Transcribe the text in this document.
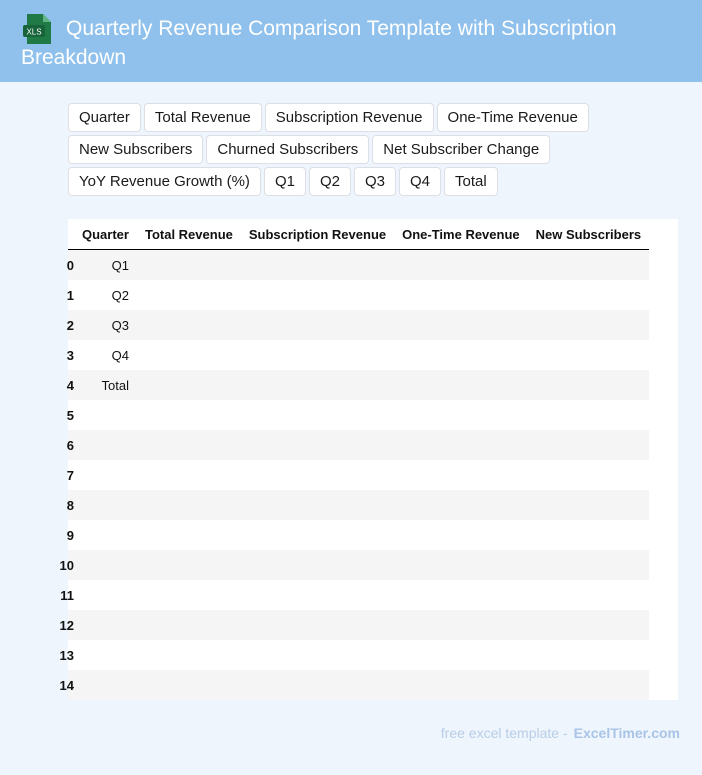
XLS	Quarterly Revenue Comparison Template with Subscription Breakdown
Quarter	Total Revenue	Subscription Revenue	One-Time Revenue
New Subscribers	Churned Subscribers	Net Subscriber Change
YoY Revenue Growth (%)	Q1	Q2	Q3	Q4	Total
	Quarter	Total Revenue	Subscription Revenue	One-Time Revenue	New Subscribers

0	Q1				

1	Q2				

2	Q3				

3	Q4				

4	Total				

5					

6					

7					

8					

9					

10					

11					

12					

13					

14					

free excel template - ExcelTimer.com
